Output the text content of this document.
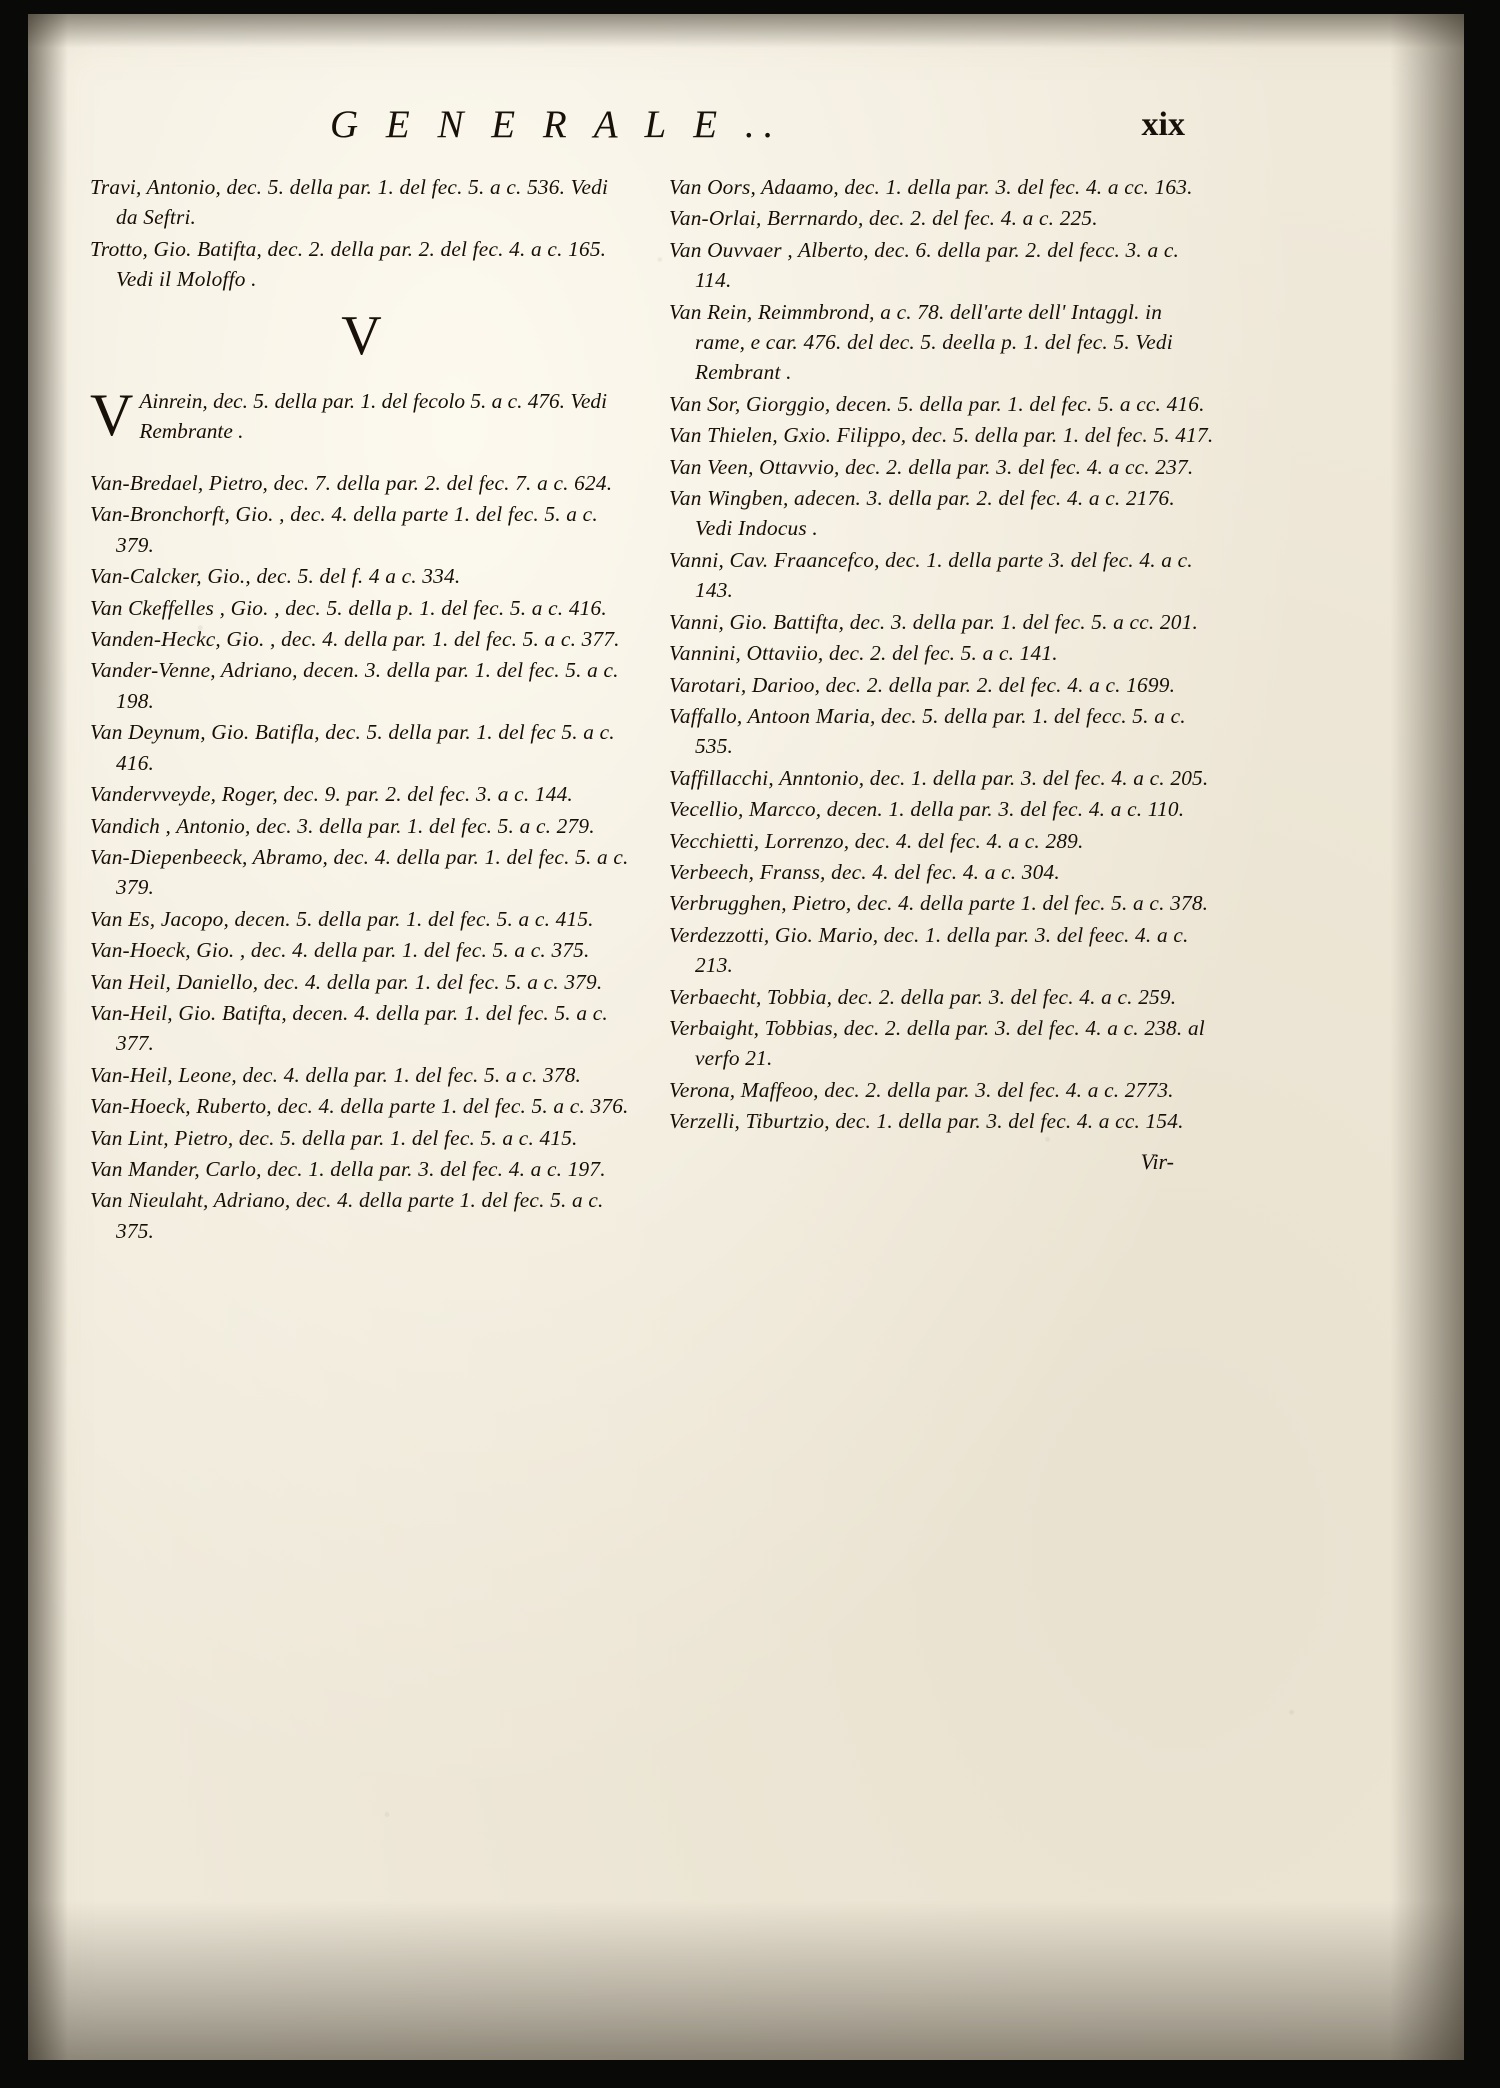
G E N E R A L E ..	xix

Travi, Antonio, dec. 5. della par. 1. del fec. 5. a c. 536. Vedi da Seftri.

Trotto, Gio. Batifta, dec. 2. della par. 2. del fec. 4. a c. 165. Vedi il Moloffo .

V
V Ainrein, dec. 5. della par. 1. del fecolo 5. a c. 476. Vedi Rembrante .

Van-Bredael, Pietro, dec. 7. della par. 2. del fec. 7. a c. 624.

Van-Bronchorft, Gio. , dec. 4. della parte 1. del fec. 5. a c. 379.

Van-Calcker, Gio., dec. 5. del f. 4 a c. 334.

Van Ckeffelles , Gio. , dec. 5. della p. 1. del fec. 5. a c. 416.

Vanden-Heckc, Gio. , dec. 4. della par. 1. del fec. 5. a c. 377.

Vander-Venne, Adriano, decen. 3. della par. 1. del fec. 5. a c. 198.

Van Deynum, Gio. Batifla, dec. 5. della par. 1. del fec 5. a c. 416.

Vandervveyde, Roger, dec. 9. par. 2. del fec. 3. a c. 144.

Vandich , Antonio, dec. 3. della par. 1. del fec. 5. a c. 279.

Van-Diepenbeeck, Abramo, dec. 4. della par. 1. del fec. 5. a c. 379.

Van Es, Jacopo, decen. 5. della par. 1. del fec. 5. a c. 415.

Van-Hoeck, Gio. , dec. 4. della par. 1. del fec. 5. a c. 375.

Van Heil, Daniello, dec. 4. della par. 1. del fec. 5. a c. 379.

Van-Heil, Gio. Batifta, decen. 4. della par. 1. del fec. 5. a c. 377.

Van-Heil, Leone, dec. 4. della par. 1. del fec. 5. a c. 378.

Van-Hoeck, Ruberto, dec. 4. della parte 1. del fec. 5. a c. 376.

Van Lint, Pietro, dec. 5. della par. 1. del fec. 5. a c. 415.

Van Mander, Carlo, dec. 1. della par. 3. del fec. 4. a c. 197.

Van Nieulaht, Adriano, dec. 4. della parte 1. del fec. 5. a c. 375.

Van Oors, Adaamo, dec. 1. della par. 3. del fec. 4. a cc. 163.

Van-Orlai, Berrnardo, dec. 2. del fec. 4. a c. 225.

Van Ouvvaer , Alberto, dec. 6. della par. 2. del fecc. 3. a c. 114.

Van Rein, Reimmbrond, a c. 78. dell'arte dell' Intaggl. in rame, e car. 476. del dec. 5. deella p. 1. del fec. 5. Vedi Rembrant .

Van Sor, Giorggio, decen. 5. della par. 1. del fec. 5. a cc. 416.

Van Thielen, Gxio. Filippo, dec. 5. della par. 1. del fec. 5. 417.

Van Veen, Ottavvio, dec. 2. della par. 3. del fec. 4. a cc. 237.

Van Wingben, adecen. 3. della par. 2. del fec. 4. a c. 2176. Vedi Indocus .

Vanni, Cav. Fraancefco, dec. 1. della parte 3. del fec. 4. a c. 143.

Vanni, Gio. Battifta, dec. 3. della par. 1. del fec. 5. a cc. 201.

Vannini, Ottaviio, dec. 2. del fec. 5. a c. 141.

Varotari, Darioo, dec. 2. della par. 2. del fec. 4. a c. 1699.

Vaffallo, Antoon Maria, dec. 5. della par. 1. del fecc. 5. a c. 535.

Vaffillacchi, Anntonio, dec. 1. della par. 3. del fec. 4. a c. 205.

Vecellio, Marcco, decen. 1. della par. 3. del fec. 4. a c. 110.

Vecchietti, Lorrenzo, dec. 4. del fec. 4. a c. 289.

Verbeech, Franss, dec. 4. del fec. 4. a c. 304.

Verbrugghen, Pietro, dec. 4. della parte 1. del fec. 5. a c. 378.

Verdezzotti, Gio. Mario, dec. 1. della par. 3. del feec. 4. a c. 213.

Verbaecht, Tobbia, dec. 2. della par. 3. del fec. 4. a c. 259.

Verbaight, Tobbias, dec. 2. della par. 3. del fec. 4. a c. 238. al verfo 21.

Verona, Maffeoo, dec. 2. della par. 3. del fec. 4. a c. 2773.

Verzelli, Tiburtzio, dec. 1. della par. 3. del fec. 4. a cc. 154.

Vir-
